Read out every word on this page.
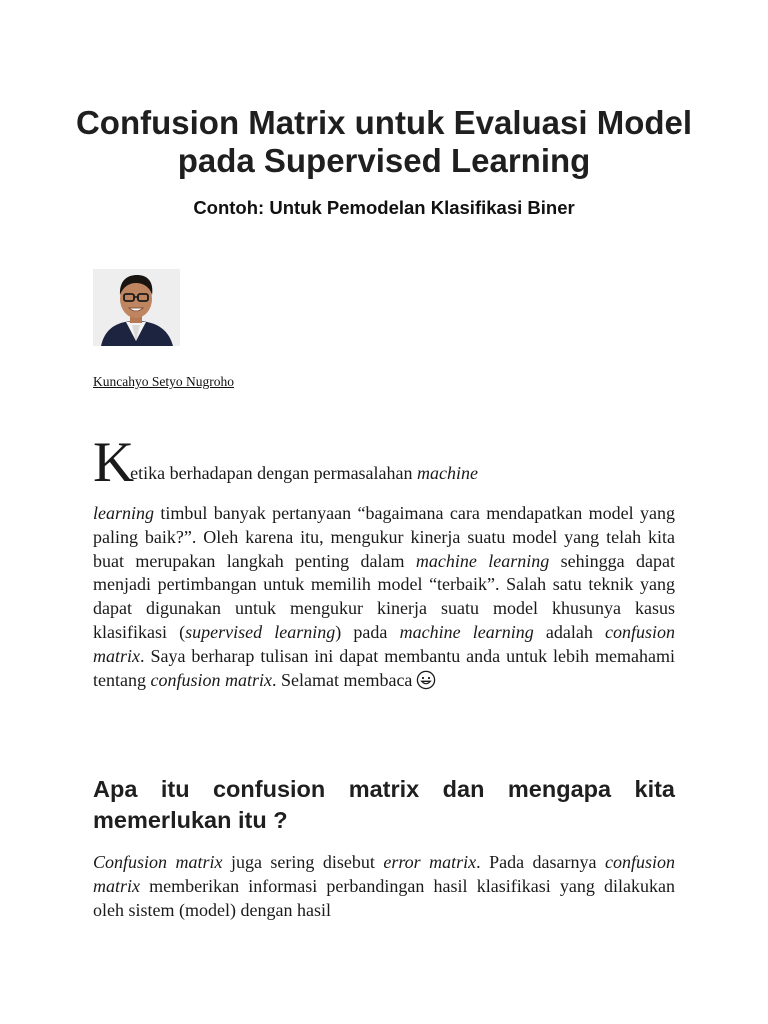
Confusion Matrix untuk Evaluasi Model pada Supervised Learning
Contoh: Untuk Pemodelan Klasifikasi Biner
Kuncahyo Setyo Nugroho

Ketika berhadapan dengan permasalahan machine

learning timbul banyak pertanyaan “bagaimana cara mendapatkan model yang paling baik?”. Oleh karena itu, mengukur kinerja suatu model yang telah kita buat merupakan langkah penting dalam machine learning sehingga dapat menjadi pertimbangan untuk memilih model “terbaik”. Salah satu teknik yang dapat digunakan untuk mengukur kinerja suatu model khusunya kasus klasifikasi (supervised learning) pada machine learning adalah confusion matrix. Saya berharap tulisan ini dapat membantu anda untuk lebih memahami tentang confusion matrix. Selamat membaca

Apa itu confusion matrix dan mengapa kita memerlukan itu ?

Confusion matrix juga sering disebut error matrix. Pada dasarnya confusion matrix memberikan informasi perbandingan hasil klasifikasi yang dilakukan oleh sistem (model) dengan hasil
